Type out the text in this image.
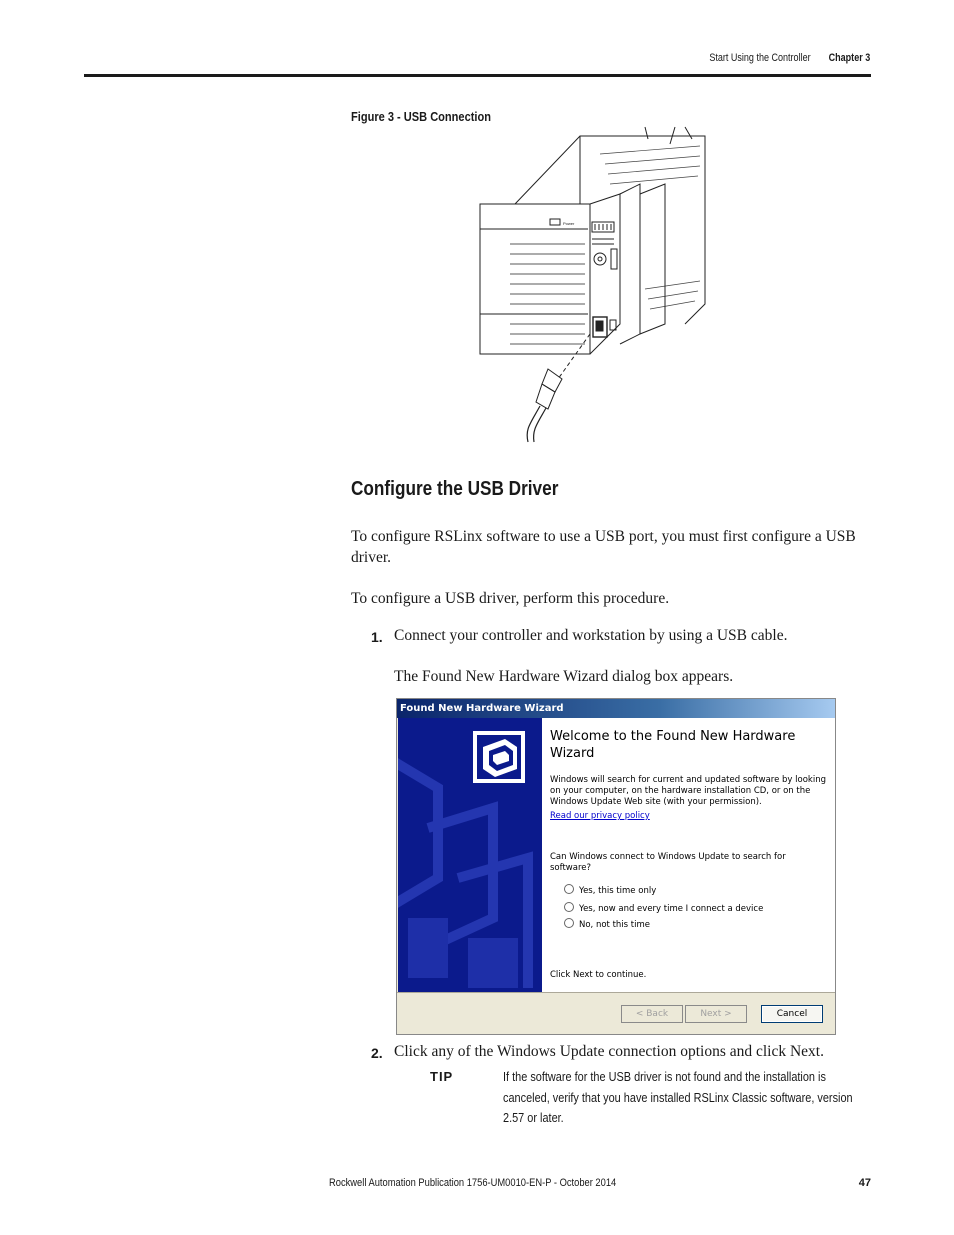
Start Using the Controller Chapter 3
Figure 3 - USB Connection
Power
Configure the USB Driver

To configure RSLinx software to use a USB port, you must first configure a USB driver.

To configure a USB driver, perform this procedure.

1. Connect your controller and workstation by using a USB cable.
The Found New Hardware Wizard dialog box appears.
Found New Hardware Wizard
Welcome to the Found New Hardware Wizard
Windows will search for current and updated software by looking on your computer, on the hardware installation CD, or on the Windows Update Web site (with your permission).
Read our privacy policy
Can Windows connect to Windows Update to search for software?
Yes, this time only
Yes, now and every time I connect a device
No, not this time
Click Next to continue.
< Back	Next >	Cancel
2. Click any of the Windows Update connection options and click Next.
TIP	If the software for the USB driver is not found and the installation is canceled, verify that you have installed RSLinx Classic software, version 2.57 or later.
Rockwell Automation Publication 1756-UM0010-EN-P - October 2014	47
